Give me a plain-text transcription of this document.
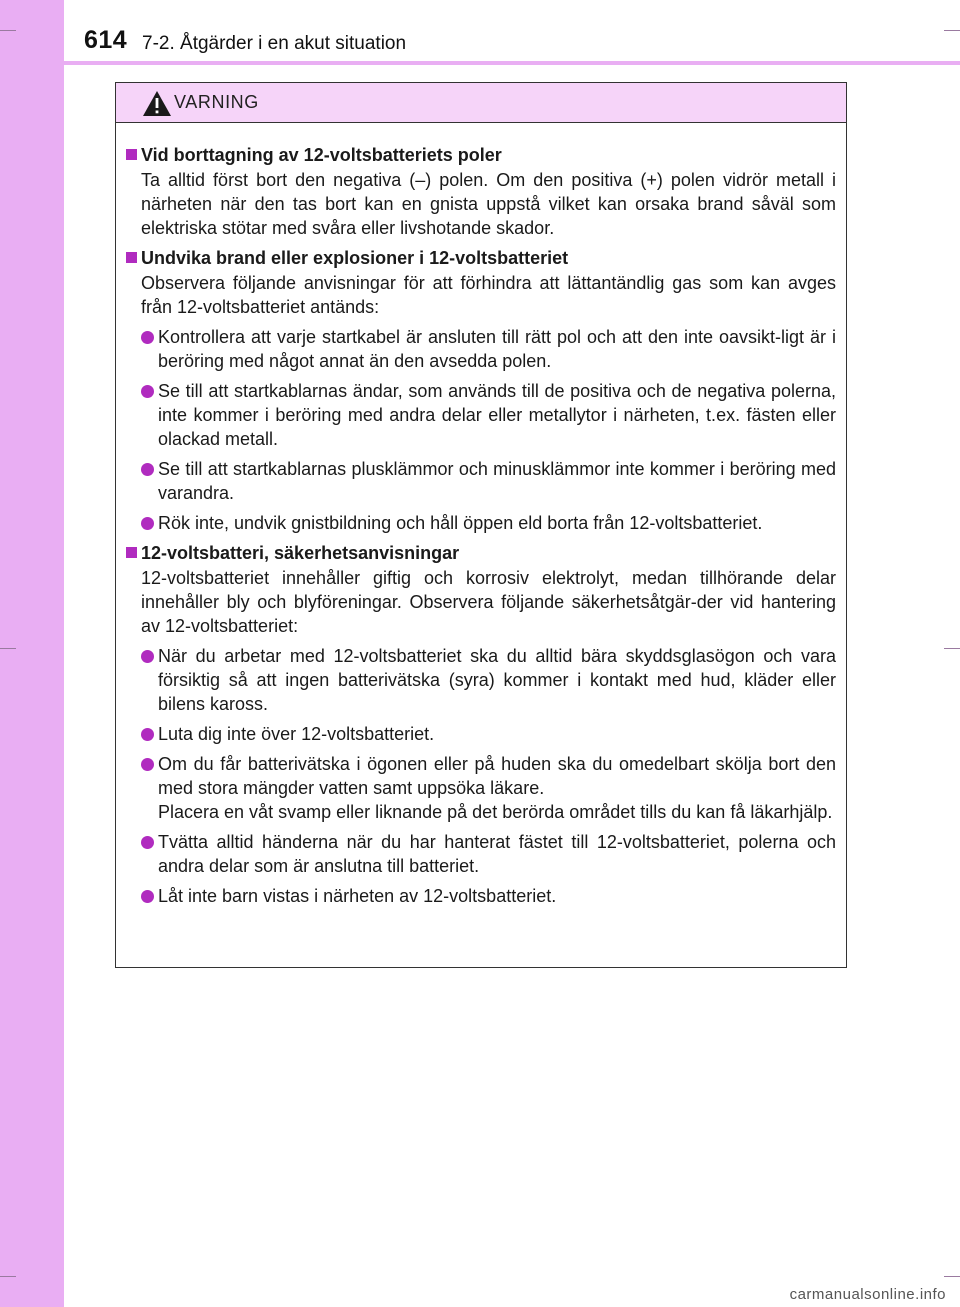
614 7-2. Åtgärder i en akut situation
VARNING
Vid borttagning av 12-voltsbatteriets poler
Ta alltid först bort den negativa (–) polen. Om den positiva (+) polen vidrör metall i närheten när den tas bort kan en gnista uppstå vilket kan orsaka brand såväl som elektriska stötar med svåra eller livshotande skador.
Undvika brand eller explosioner i 12-voltsbatteriet
Observera följande anvisningar för att förhindra att lättantändlig gas som kan avges från 12-voltsbatteriet antänds:
Kontrollera att varje startkabel är ansluten till rätt pol och att den inte oavsikt-ligt är i beröring med något annat än den avsedda polen.
Se till att startkablarnas ändar, som används till de positiva och de negativa polerna, inte kommer i beröring med andra delar eller metallytor i närheten, t.ex. fästen eller olackad metall.
Se till att startkablarnas plusklämmor och minusklämmor inte kommer i beröring med varandra.
Rök inte, undvik gnistbildning och håll öppen eld borta från 12-voltsbatteriet.
12-voltsbatteri, säkerhetsanvisningar
12-voltsbatteriet innehåller giftig och korrosiv elektrolyt, medan tillhörande delar innehåller bly och blyföreningar. Observera följande säkerhetsåtgär-der vid hantering av 12-voltsbatteriet:
När du arbetar med 12-voltsbatteriet ska du alltid bära skyddsglasögon och vara försiktig så att ingen batterivätska (syra) kommer i kontakt med hud, kläder eller bilens kaross.
Luta dig inte över 12-voltsbatteriet.
Om du får batterivätska i ögonen eller på huden ska du omedelbart skölja bort den med stora mängder vatten samt uppsöka läkare.
Placera en våt svamp eller liknande på det berörda området tills du kan få läkarhjälp.
Tvätta alltid händerna när du har hanterat fästet till 12-voltsbatteriet, polerna och andra delar som är anslutna till batteriet.
Låt inte barn vistas i närheten av 12-voltsbatteriet.
carmanualsonline.info
